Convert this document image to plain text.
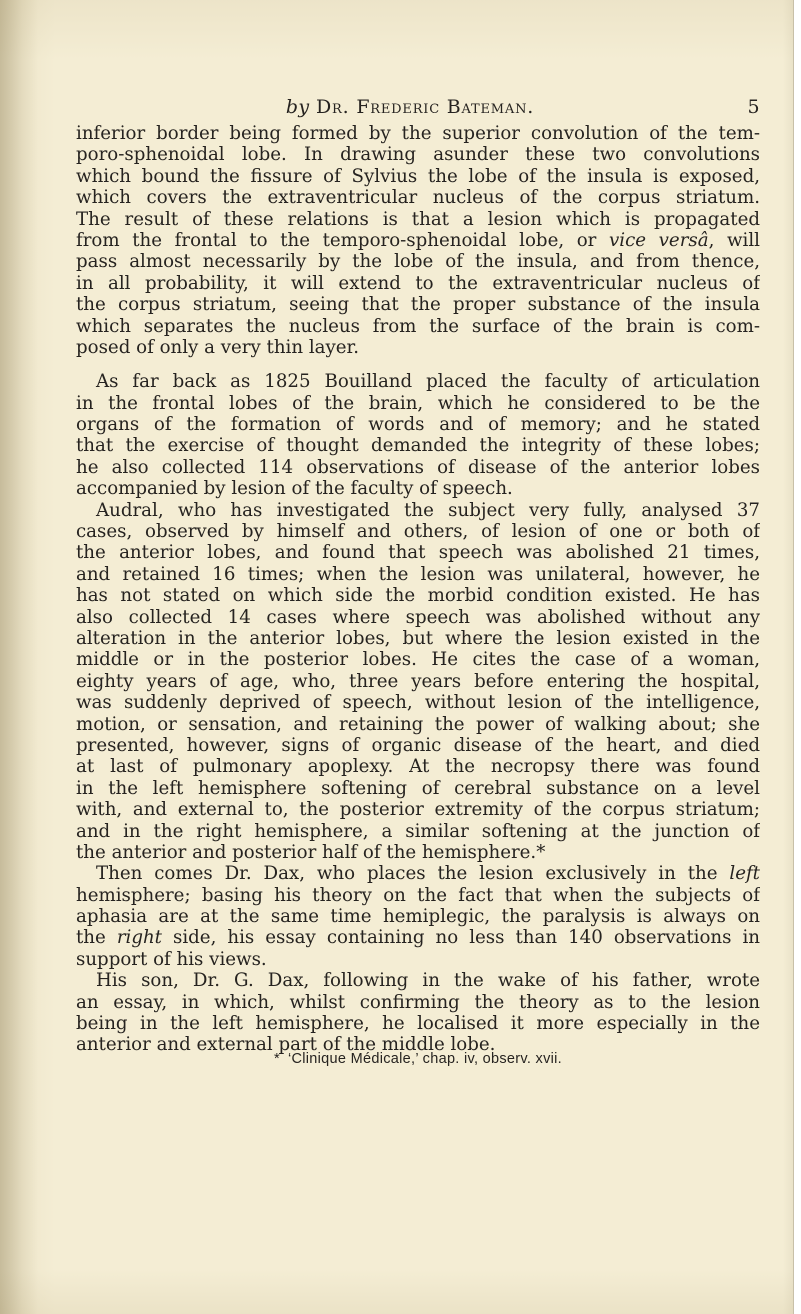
by Dr. Frederic Bateman.	5
inferior border being formed by the superior convolution of the tem-
poro-sphenoidal lobe. In drawing asunder these two convolutions
which bound the fissure of Sylvius the lobe of the insula is exposed,
which covers the extraventricular nucleus of the corpus striatum.
The result of these relations is that a lesion which is propagated
from the frontal to the temporo-sphenoidal lobe, or vice versâ, will
pass almost necessarily by the lobe of the insula, and from thence,
in all probability, it will extend to the extraventricular nucleus of
the corpus striatum, seeing that the proper substance of the insula
which separates the nucleus from the surface of the brain is com-
posed of only a very thin layer.
As far back as 1825 Bouilland placed the faculty of articulation
in the frontal lobes of the brain, which he considered to be the
organs of the formation of words and of memory; and he stated
that the exercise of thought demanded the integrity of these lobes;
he also collected 114 observations of disease of the anterior lobes
accompanied by lesion of the faculty of speech.
Audral, who has investigated the subject very fully, analysed 37
cases, observed by himself and others, of lesion of one or both of
the anterior lobes, and found that speech was abolished 21 times,
and retained 16 times; when the lesion was unilateral, however, he
has not stated on which side the morbid condition existed. He has
also collected 14 cases where speech was abolished without any
alteration in the anterior lobes, but where the lesion existed in the
middle or in the posterior lobes. He cites the case of a woman,
eighty years of age, who, three years before entering the hospital,
was suddenly deprived of speech, without lesion of the intelligence,
motion, or sensation, and retaining the power of walking about; she
presented, however, signs of organic disease of the heart, and died
at last of pulmonary apoplexy. At the necropsy there was found
in the left hemisphere softening of cerebral substance on a level
with, and external to, the posterior extremity of the corpus striatum;
and in the right hemisphere, a similar softening at the junction of
the anterior and posterior half of the hemisphere.*
Then comes Dr. Dax, who places the lesion exclusively in the left
hemisphere; basing his theory on the fact that when the subjects of
aphasia are at the same time hemiplegic, the paralysis is always on
the right side, his essay containing no less than 140 observations in
support of his views.
His son, Dr. G. Dax, following in the wake of his father, wrote
an essay, in which, whilst confirming the theory as to the lesion
being in the left hemisphere, he localised it more especially in the
anterior and external part of the middle lobe.
* ‘Clinique Médicale,’ chap. iv, observ. xvii.
